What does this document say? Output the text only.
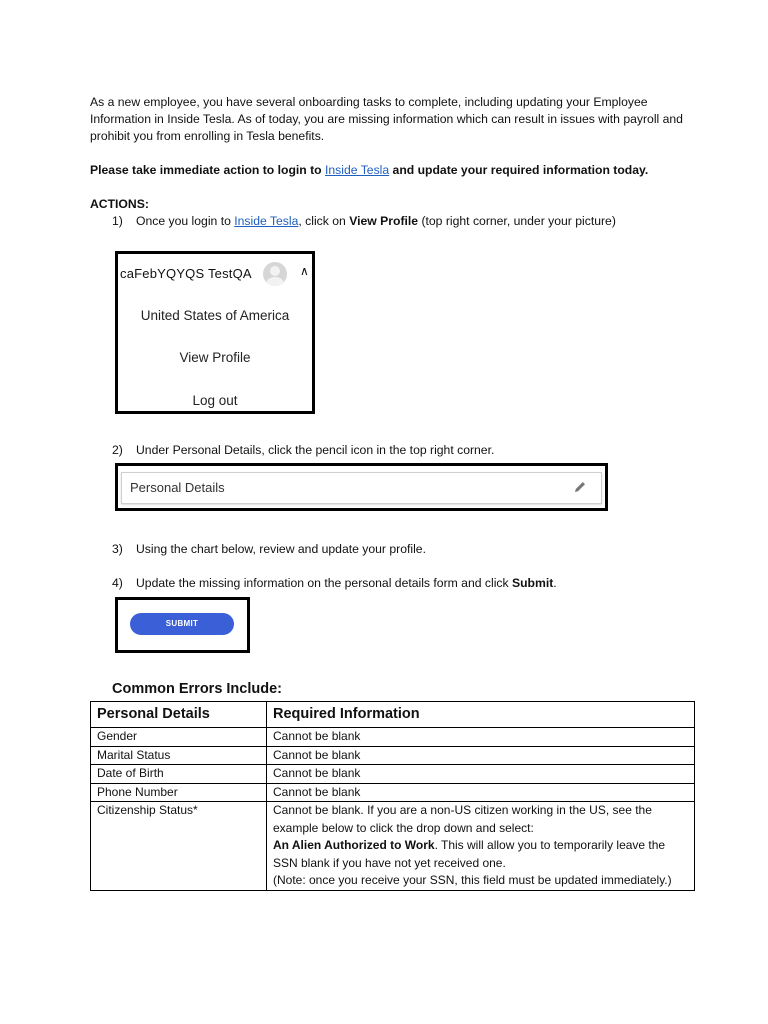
As a new employee, you have several onboarding tasks to complete, including updating your Employee Information in Inside Tesla. As of today, you are missing information which can result in issues with payroll and prohibit you from enrolling in Tesla benefits.

Please take immediate action to login to Inside Tesla and update your required information today.

ACTIONS:

1) Once you login to Inside Tesla, click on View Profile (top right corner, under your picture)
caFebYQYQS TestQA	∧
United States of America
View Profile
Log out
2) Under Personal Details, click the pencil icon in the top right corner.
Personal Details
3) Using the chart below, review and update your profile.
4) Update the missing information on the personal details form and click Submit.
SUBMIT
Common Errors Include:
Personal Details	Required Information
Gender	Cannot be blank
Marital Status	Cannot be blank
Date of Birth	Cannot be blank
Phone Number	Cannot be blank
Citizenship Status*	Cannot be blank. If you are a non-US citizen working in the US, see the example below to click the drop down and select:
An Alien Authorized to Work. This will allow you to temporarily leave the SSN blank if you have not yet received one.
(Note: once you receive your SSN, this field must be updated immediately.)
